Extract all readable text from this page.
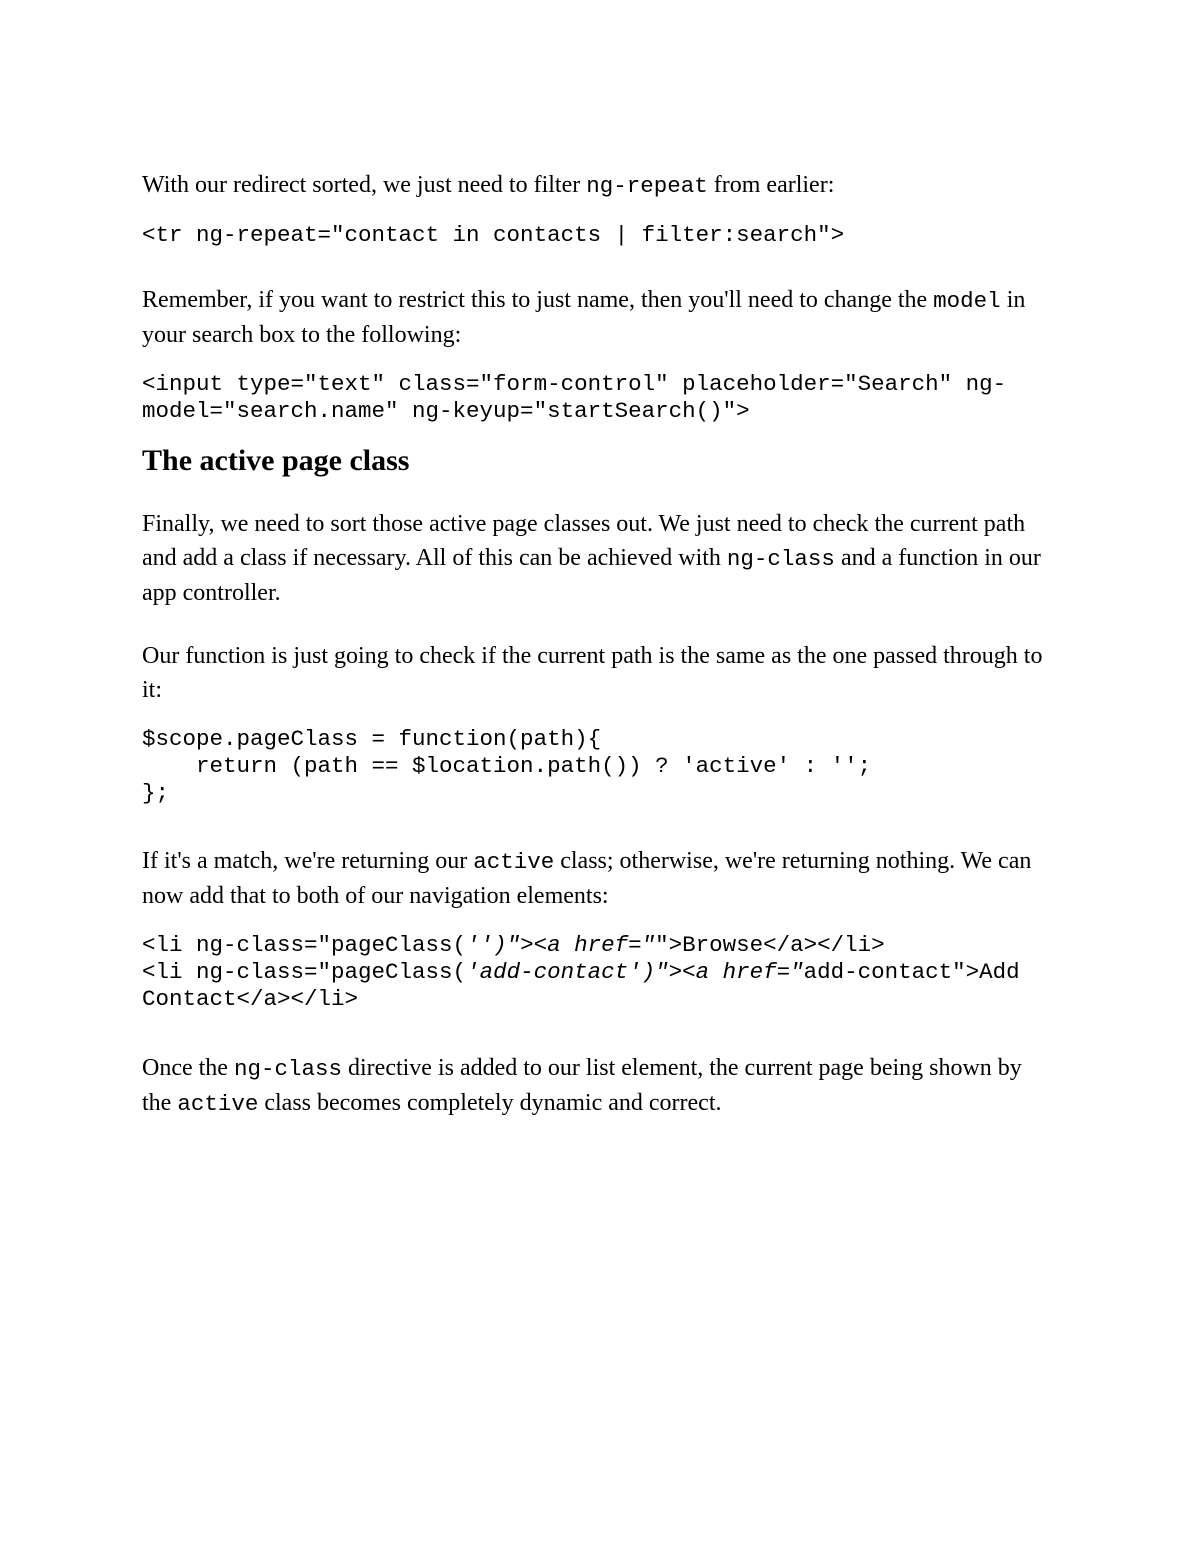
With our redirect sorted, we just need to filter ng-repeat from earlier:

<tr ng-repeat="contact in contacts | filter:search">

Remember, if you want to restrict this to just name, then you'll need to change the model in your search box to the following:

<input type="text" class="form-control" placeholder="Search" ng-
model="search.name" ng-keyup="startSearch()">
The active page class

Finally, we need to sort those active page classes out. We just need to check the current path and add a class if necessary. All of this can be achieved with ng-class and a function in our app controller.

Our function is just going to check if the current path is the same as the one passed through to it:

$scope.pageClass = function(path){
return (path == $location.path()) ? 'active' : '';
};

If it's a match, we're returning our active class; otherwise, we're returning nothing. We can now add that to both of our navigation elements:

<li ng-class="pageClass('')"><a href="">Browse</a></li>
<li ng-class="pageClass('add-contact')"><a href="add-contact">Add
Contact</a></li>

Once the ng-class directive is added to our list element, the current page being shown by the active class becomes completely dynamic and correct.
